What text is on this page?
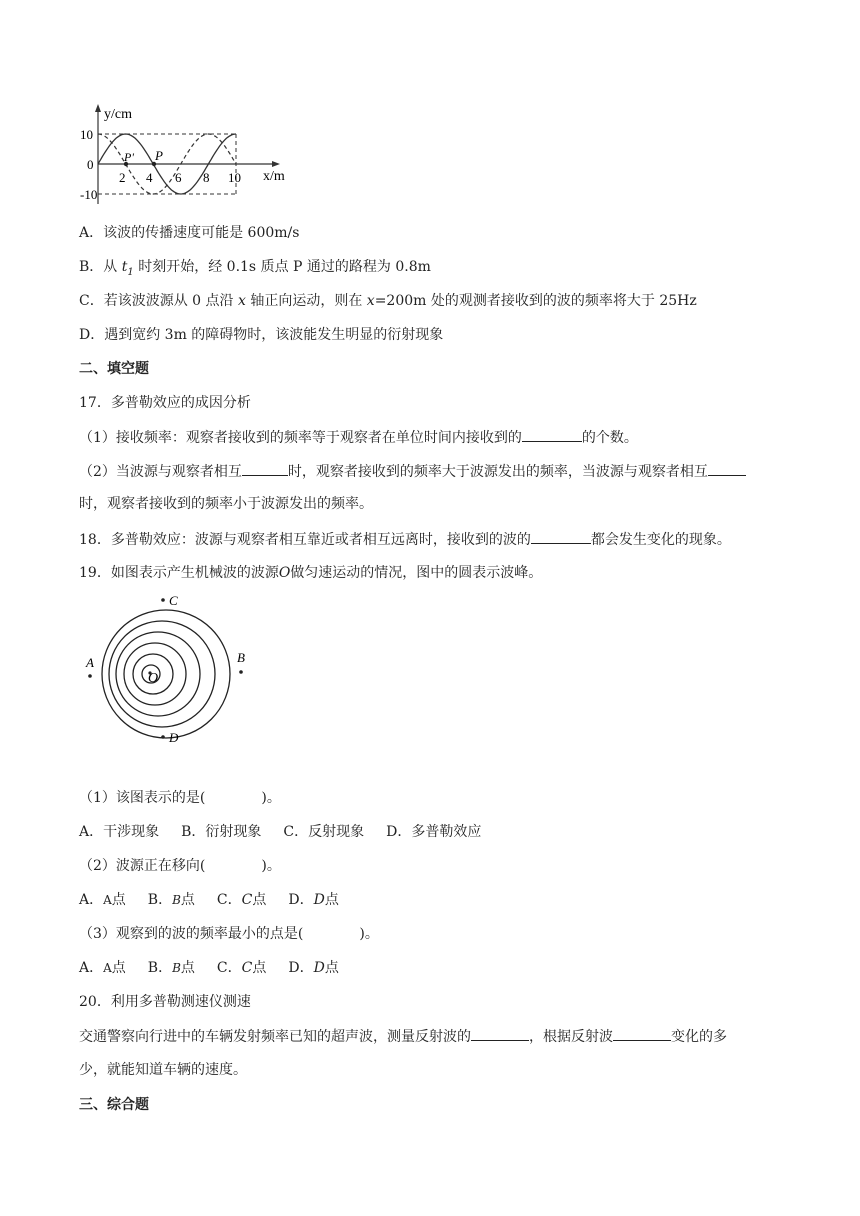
y/cm
x/m
10
0
-10
2 4 6 8 10
P' P
A．该波的传播速度可能是 600m/s
B．从 $t_1$ 时刻开始，经 0.1s 质点 P 通过的路程为 0.8m
C．若该波波源从 0 点沿 x 轴正向运动，则在 x=200m 处的观测者接收到的波的频率将大于 25Hz
D．遇到宽约 3m 的障碍物时，该波能发生明显的衍射现象
二、填空题
17．多普勒效应的成因分析
（1）接收频率：观察者接收到的频率等于观察者在单位时间内接收到的	的个数。
（2）当波源与观察者相互	时，观察者接收到的频率大于波源发出的频率，当波源与观察者相互
时，观察者接收到的频率小于波源发出的频率。
18．多普勒效应：波源与观察者相互靠近或者相互远离时，接收到的波的	都会发生变化的现象。
19．如图表示产生机械波的波源O做匀速运动的情况，图中的圆表示波峰。
O
A	B
C
D
（1）该图表示的是(　　　　)。
A．干涉现象 B．衍射现象 C．反射现象 D．多普勒效应
（2）波源正在移向(　　　　)。
A．A点 B．B点 C．C点 D．D点
（3）观察到的波的频率最小的点是(　　　　)。
A．A点 B．B点 C．C点 D．D点
20．利用多普勒测速仪测速
交通警察向行进中的车辆发射频率已知的超声波，测量反射波的	，根据反射波	变化的多
少，就能知道车辆的速度。
三、综合题
